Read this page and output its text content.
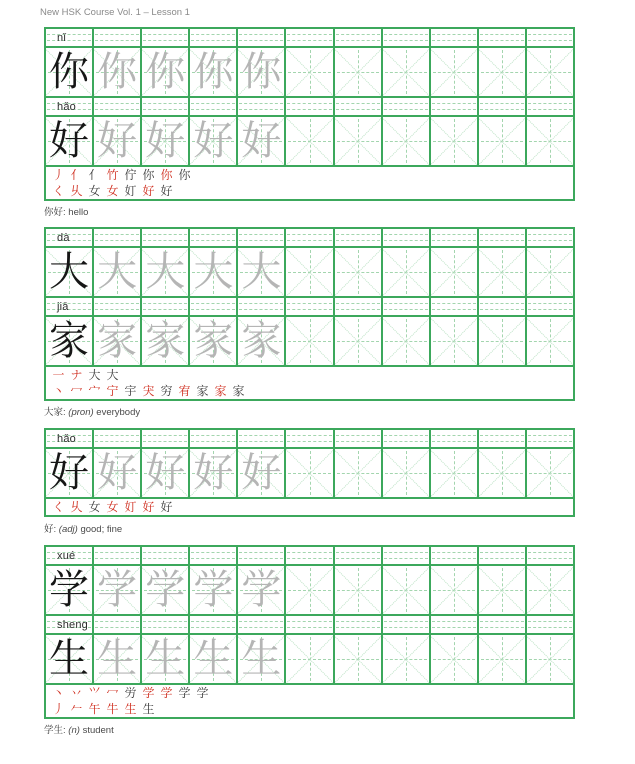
New HSK Course Vol. 1 – Lesson 1
nǐ
你 你 你 你 你
hǎo
好 好 好 好 好
丿 亻 亻 竹 佇 你 你 你
く 乆 女 女 奵 好 好
你好: hello
dà
大 大 大 大 大
jiā
家 家 家 家 家
一 ナ 大 大
丶 冖 宀 宁 宇 宊 穷 宥 家 家 家
大家: (pron) everybody
hǎo
好 好 好 好 好
く 乆 女 女 奵 好 好
好: (adj) good; fine
xué
学 学 学 学 学
sheng
生 生 生 生 生
丶 丷 ⺍ 冖 労 学 学 学 学
丿 𠂉 午 牛 生 生
学生: (n) student
